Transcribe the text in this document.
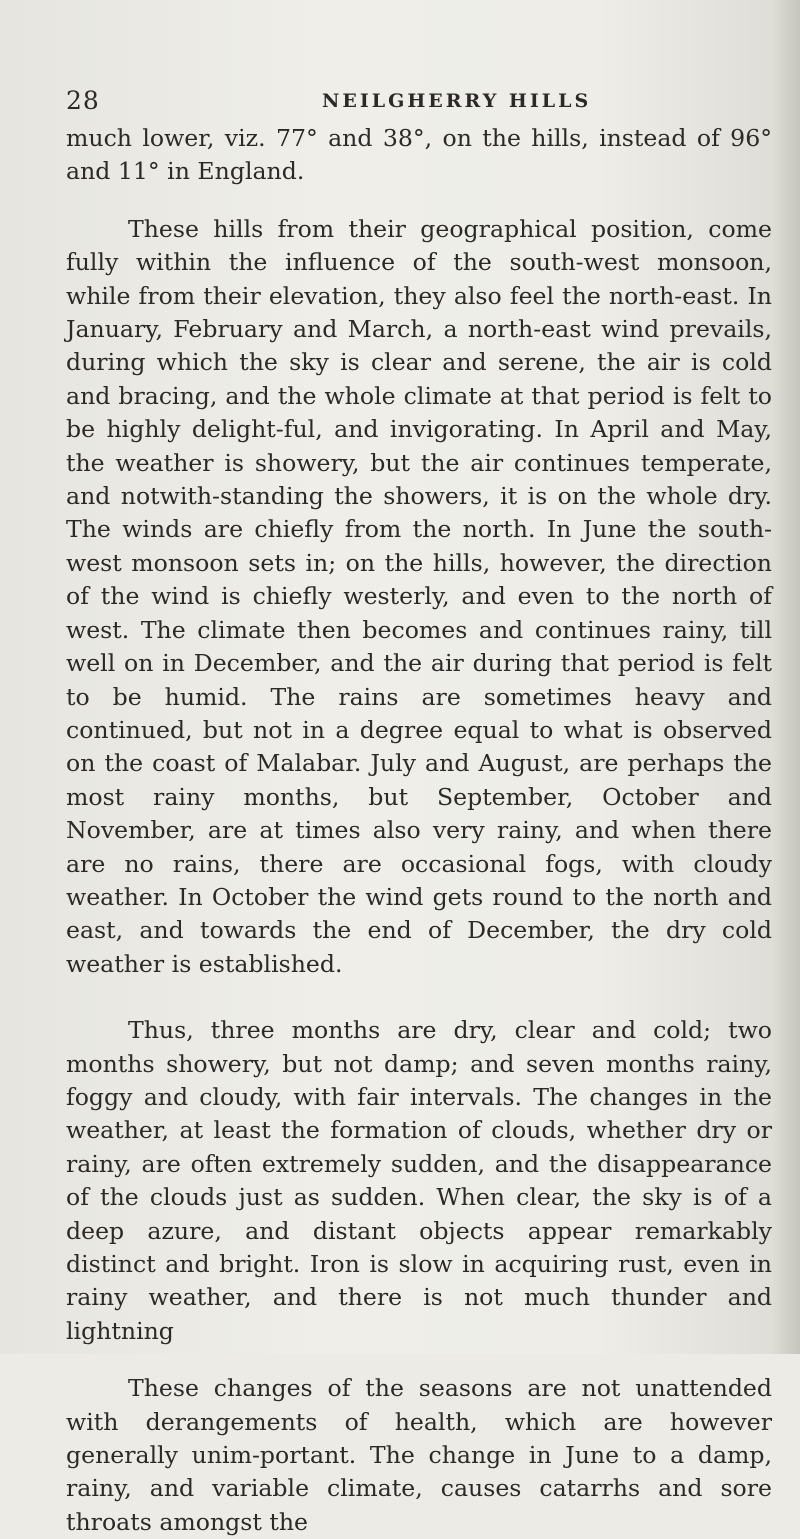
28	NEILGHERRY HILLS

much lower, viz. 77° and 38°, on the hills, instead of 96° and 11° in England.

These hills from their geographical position, come fully within the influence of the south-west monsoon, while from their elevation, they also feel the north-east. In January, February and March, a north-east wind prevails, during which the sky is clear and serene, the air is cold and bracing, and the whole climate at that period is felt to be highly delight-ful, and invigorating. In April and May, the weather is showery, but the air continues temperate, and notwith-standing the showers, it is on the whole dry. The winds are chiefly from the north. In June the south-west monsoon sets in; on the hills, however, the direction of the wind is chiefly westerly, and even to the north of west. The climate then becomes and continues rainy, till well on in December, and the air during that period is felt to be humid. The rains are sometimes heavy and continued, but not in a degree equal to what is observed on the coast of Malabar. July and August, are perhaps the most rainy months, but September, October and November, are at times also very rainy, and when there are no rains, there are occasional fogs, with cloudy weather. In October the wind gets round to the north and east, and towards the end of December, the dry cold weather is established.

Thus, three months are dry, clear and cold; two months showery, but not damp; and seven months rainy, foggy and cloudy, with fair intervals. The changes in the weather, at least the formation of clouds, whether dry or rainy, are often extremely sudden, and the disappearance of the clouds just as sudden. When clear, the sky is of a deep azure, and distant objects appear remarkably distinct and bright. Iron is slow in acquiring rust, even in rainy weather, and there is not much thunder and lightning

These changes of the seasons are not unattended with derangements of health, which are however generally unim-portant. The change in June to a damp, rainy, and variable climate, causes catarrhs and sore throats amongst the
